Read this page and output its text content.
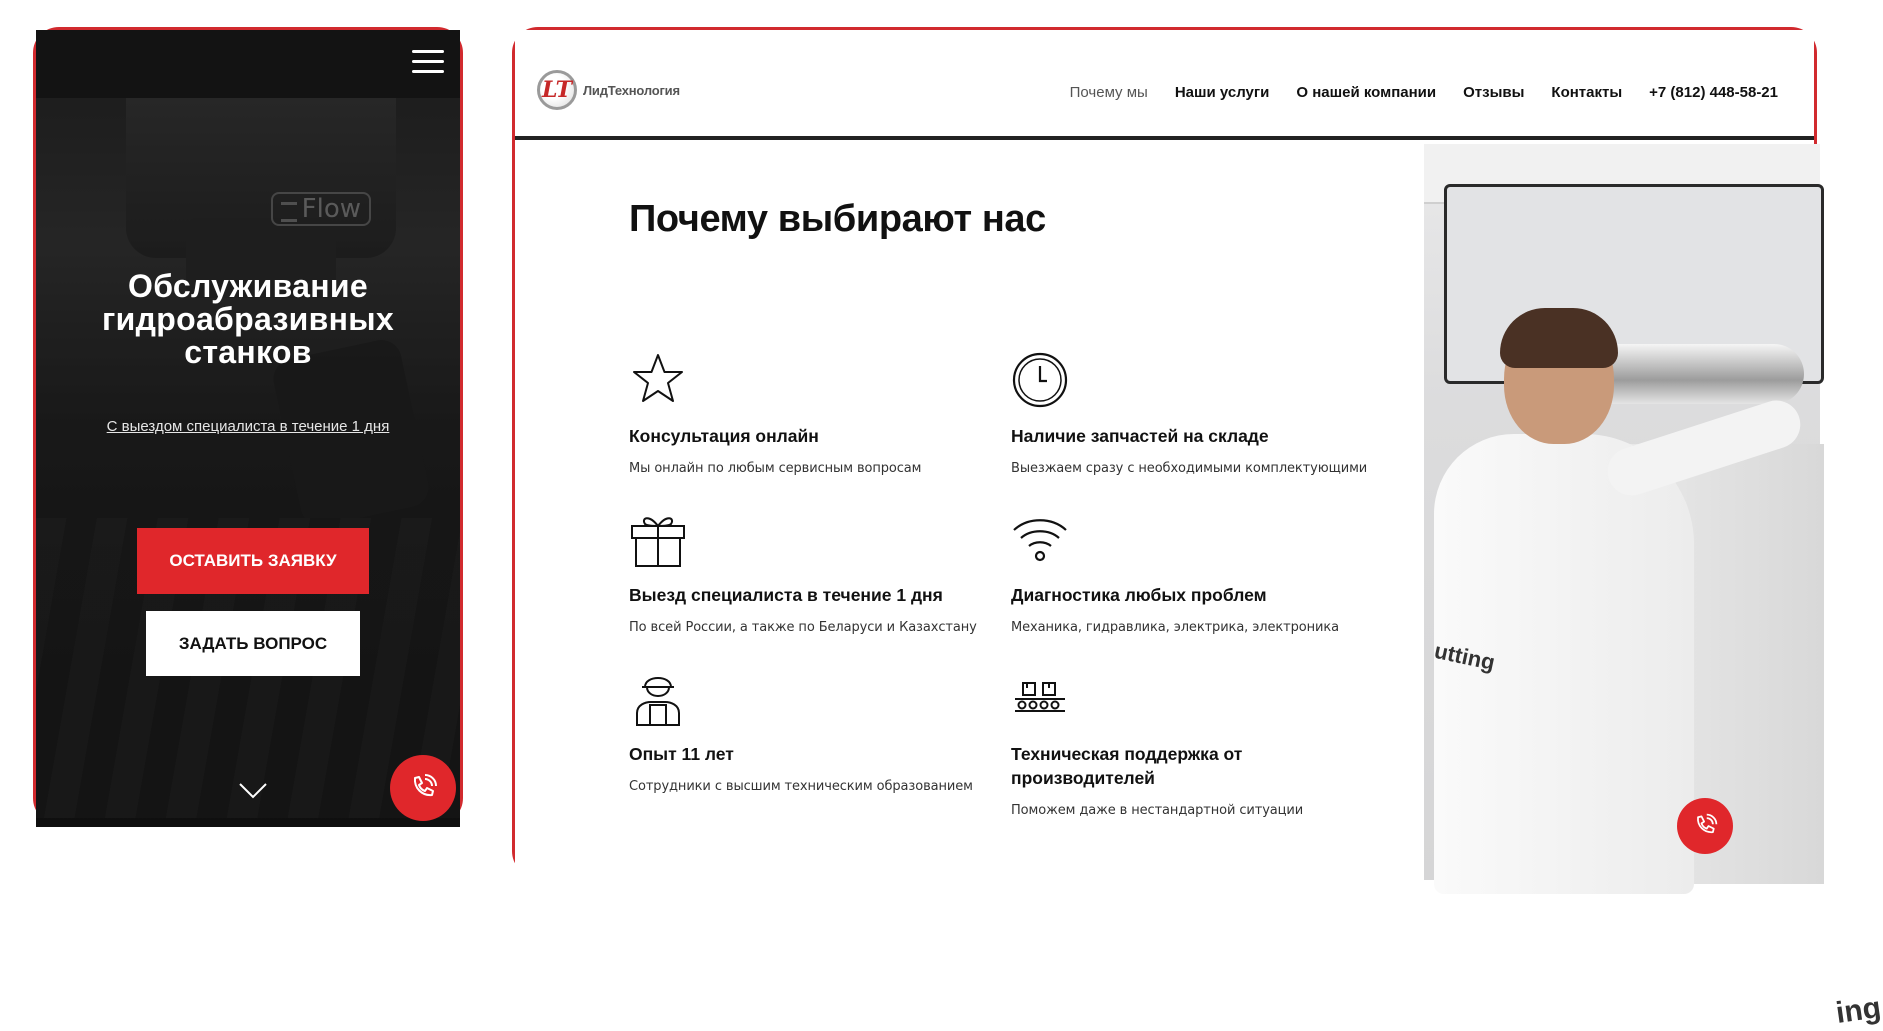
Flow
Обслуживание гидроабразивных станков
С выездом специалиста в течение 1 дня
ОСТАВИТЬ ЗАЯВКУ
ЗАДАТЬ ВОПРОС
LT ЛидТехнология	Почему мы Наши услуги О нашей компании Отзывы Контакты +7 (812) 448-58-21
Почему выбирают нас
Консультация онлайн
Мы онлайн по любым сервисным вопросам
Наличие запчастей на складе
Выезжаем сразу с необходимыми комплектующими
Выезд специалиста в течение 1 дня
По всей России, а также по Беларуси и Казахстану
Диагностика любых проблем
Механика, гидравлика, электрика, электроника
Опыт 11 лет
Сотрудники с высшим техническим образованием
Техническая поддержка от производителей
Поможем даже в нестандартной ситуации
ing
utting
